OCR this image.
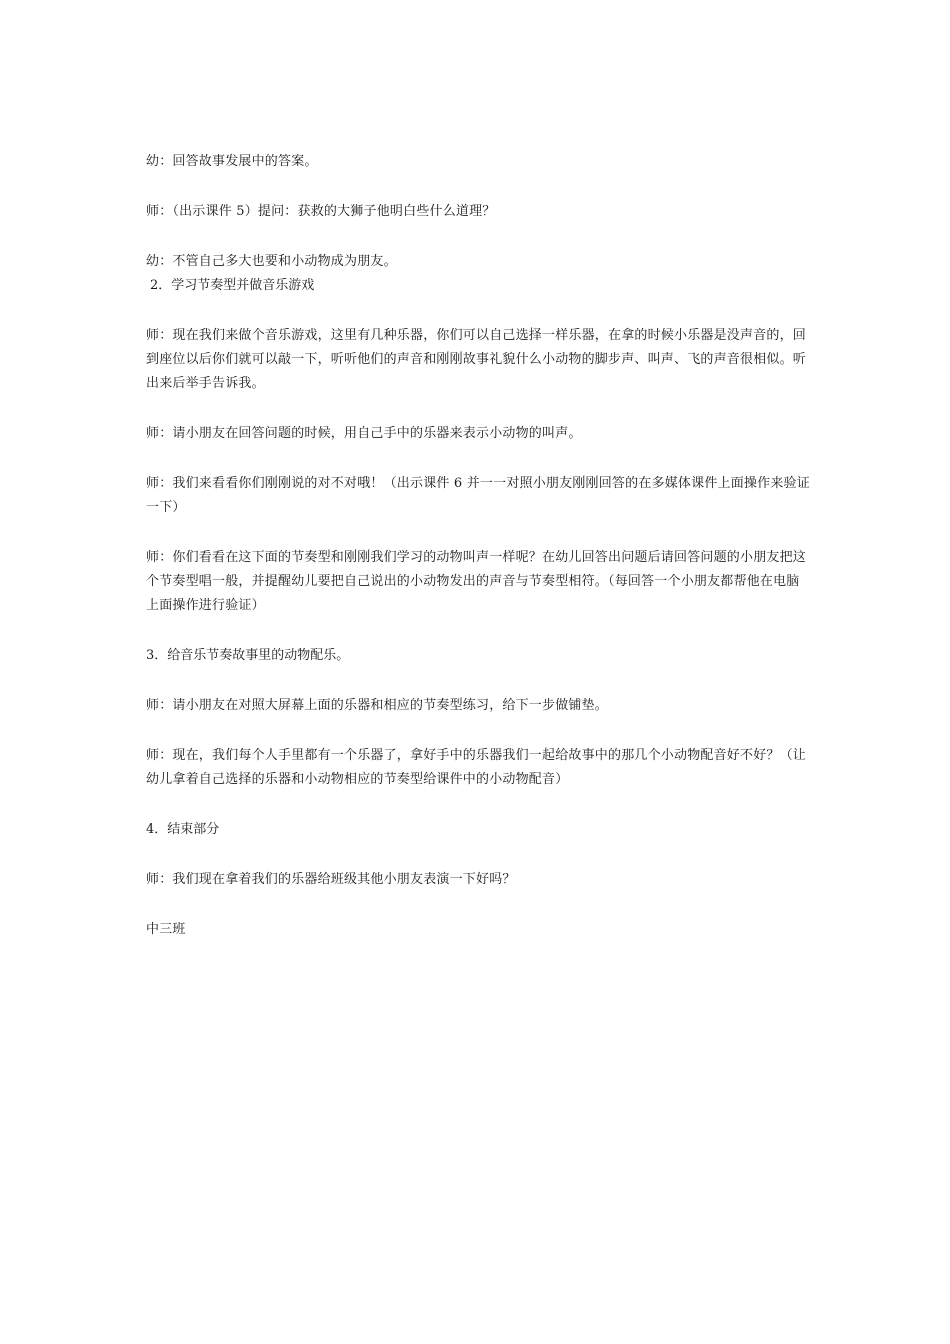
幼：回答故事发展中的答案。

师：（出示课件 5）提问：获救的大狮子他明白些什么道理？

幼：不管自己多大也要和小动物成为朋友。

2．学习节奏型并做音乐游戏

师：现在我们来做个音乐游戏，这里有几种乐器，你们可以自己选择一样乐器，在拿的时候小乐器是没声音的，回到座位以后你们就可以敲一下，听听他们的声音和刚刚故事礼貌什么小动物的脚步声、叫声、飞的声音很相似。听出来后举手告诉我。

师：请小朋友在回答问题的时候，用自己手中的乐器来表示小动物的叫声。

师：我们来看看你们刚刚说的对不对哦！（出示课件 6 并一一对照小朋友刚刚回答的在多媒体课件上面操作来验证一下）

师：你们看看在这下面的节奏型和刚刚我们学习的动物叫声一样呢？在幼儿回答出问题后请回答问题的小朋友把这个节奏型唱一般，并提醒幼儿要把自己说出的小动物发出的声音与节奏型相符。（每回答一个小朋友都帮他在电脑上面操作进行验证）

3．给音乐节奏故事里的动物配乐。

师：请小朋友在对照大屏幕上面的乐器和相应的节奏型练习，给下一步做铺垫。

师：现在，我们每个人手里都有一个乐器了，拿好手中的乐器我们一起给故事中的那几个小动物配音好不好？（让幼儿拿着自己选择的乐器和小动物相应的节奏型给课件中的小动物配音）

4．结束部分

师：我们现在拿着我们的乐器给班级其他小朋友表演一下好吗？

中三班
